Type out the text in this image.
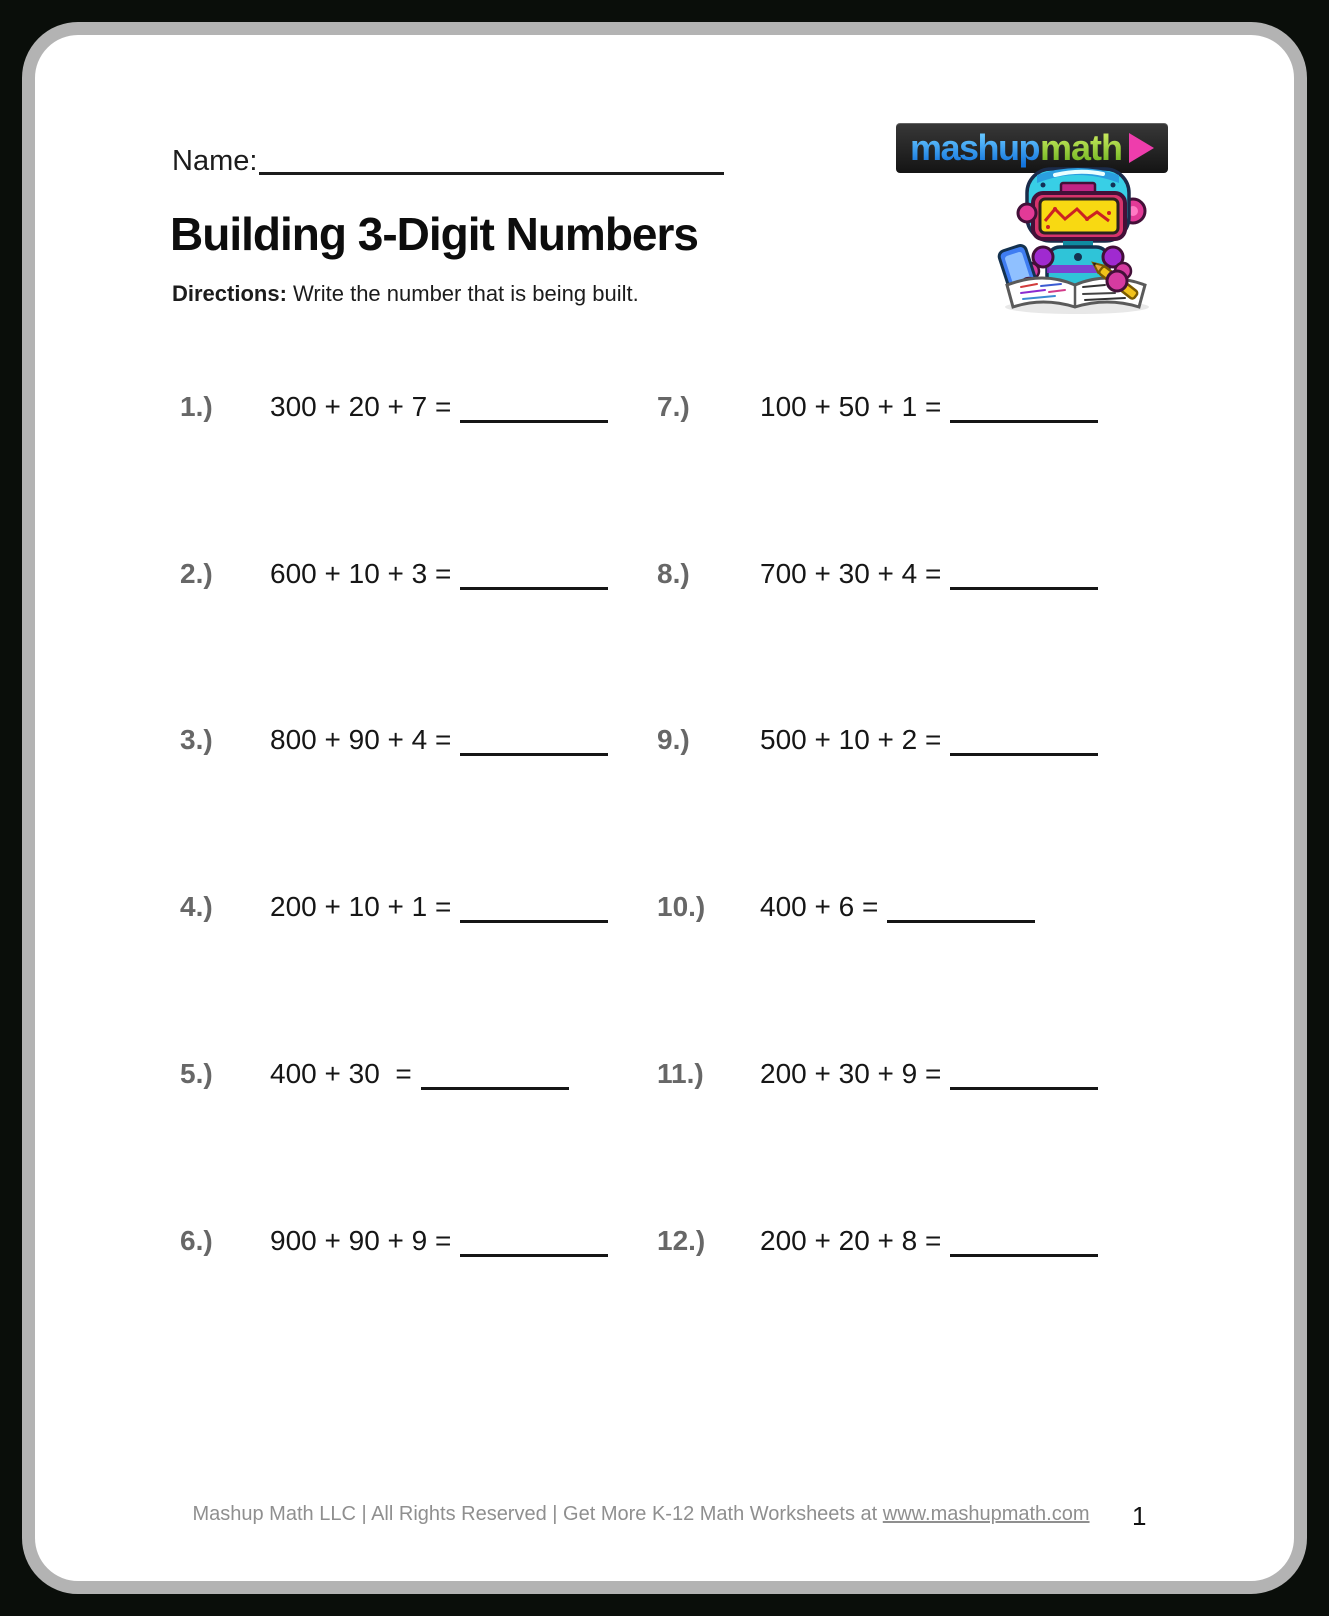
Name:	mashup math
Building 3-Digit Numbers
Directions: Write the number that is being built.
1.) 300 + 20 + 7 =	7.)	100 + 50 + 1 =
2.) 600 + 10 + 3 =	8.)	700 + 30 + 4 =
3.) 800 + 90 + 4 =	9.)	500 + 10 + 2 =
4.) 200 + 10 + 1 =	10.) 400 + 6 =
5.) 400 + 30  =	11.) 200 + 30 + 9 =
6.) 900 + 90 + 9 =	12.) 200 + 20 + 8 =
Mashup Math LLC | All Rights Reserved | Get More K-12 Math Worksheets at www.mashupmath.com	1
